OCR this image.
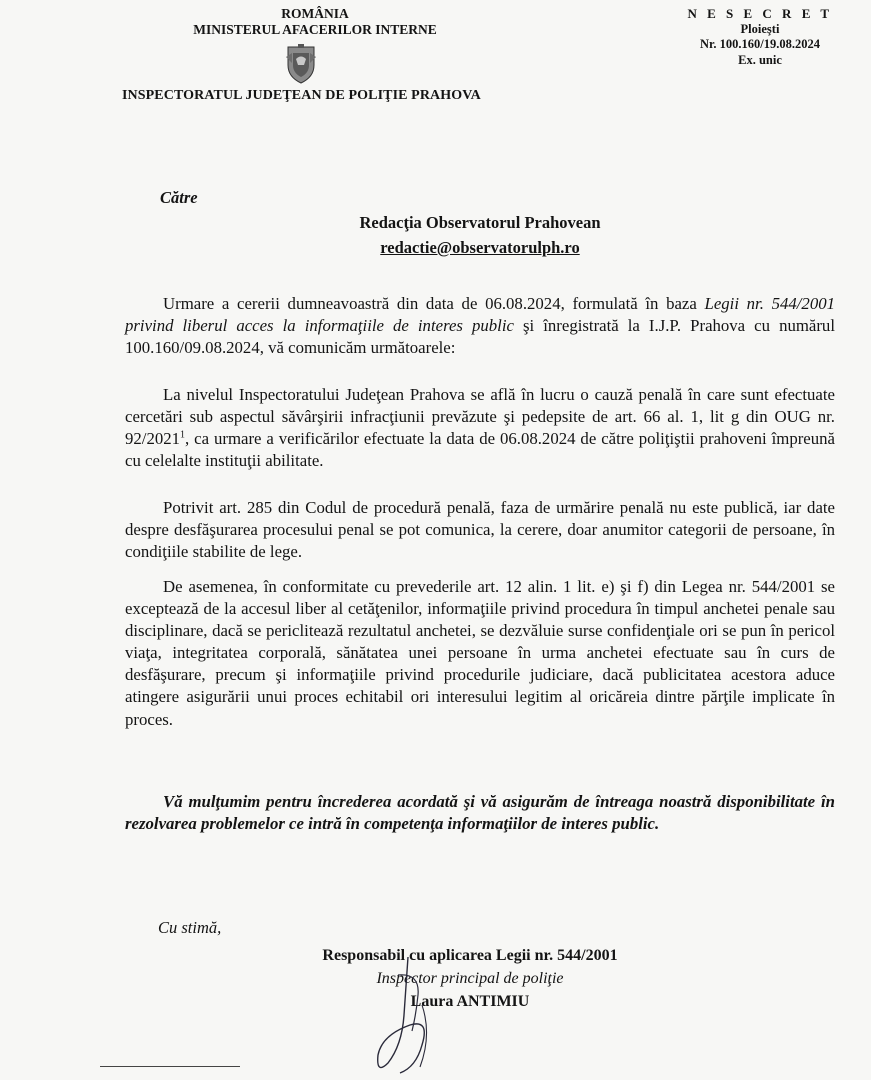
ROMÂNIA
MINISTERUL AFACERILOR INTERNE
INSPECTORATUL JUDEŢEAN DE POLIŢIE PRAHOVA
N E S E C R E T
Ploieşti
Nr. 100.160/19.08.2024
Ex. unic
Către
Redacţia Observatorul Prahovean
redactie@observatorulph.ro
Urmare a cererii dumneavoastră din data de 06.08.2024, formulată în baza Legii nr. 544/2001 privind liberul acces la informaţiile de interes public şi înregistrată la I.J.P. Prahova cu numărul 100.160/09.08.2024, vă comunicăm următoarele:
La nivelul Inspectoratului Judeţean Prahova se află în lucru o cauză penală în care sunt efectuate cercetări sub aspectul săvârşirii infracţiunii prevăzute şi pedepsite de art. 66 al. 1, lit g din OUG nr. 92/2021$^1$, ca urmare a verificărilor efectuate la data de 06.08.2024 de către poliţiştii prahoveni împreună cu celelalte instituţii abilitate.
Potrivit art. 285 din Codul de procedură penală, faza de urmărire penală nu este publică, iar date despre desfăşurarea procesului penal se pot comunica, la cerere, doar anumitor categorii de persoane, în condiţiile stabilite de lege.
De asemenea, în conformitate cu prevederile art. 12 alin. 1 lit. e) şi f) din Legea nr. 544/2001 se exceptează de la accesul liber al cetăţenilor, informaţiile privind procedura în timpul anchetei penale sau disciplinare, dacă se periclitează rezultatul anchetei, se dezvăluie surse confidenţiale ori se pun în pericol viaţa, integritatea corporală, sănătatea unei persoane în urma anchetei efectuate sau în curs de desfăşurare, precum şi informaţiile privind procedurile judiciare, dacă publicitatea acestora aduce atingere asigurării unui proces echitabil ori interesului legitim al oricăreia dintre părţile implicate în proces.
Vă mulţumim pentru încrederea acordată şi vă asigurăm de întreaga noastră disponibilitate în rezolvarea problemelor ce intră în competenţa informaţiilor de interes public.
Cu stimă,
Responsabil cu aplicarea Legii nr. 544/2001
Inspector principal de poliţie
Laura ANTIMIU
